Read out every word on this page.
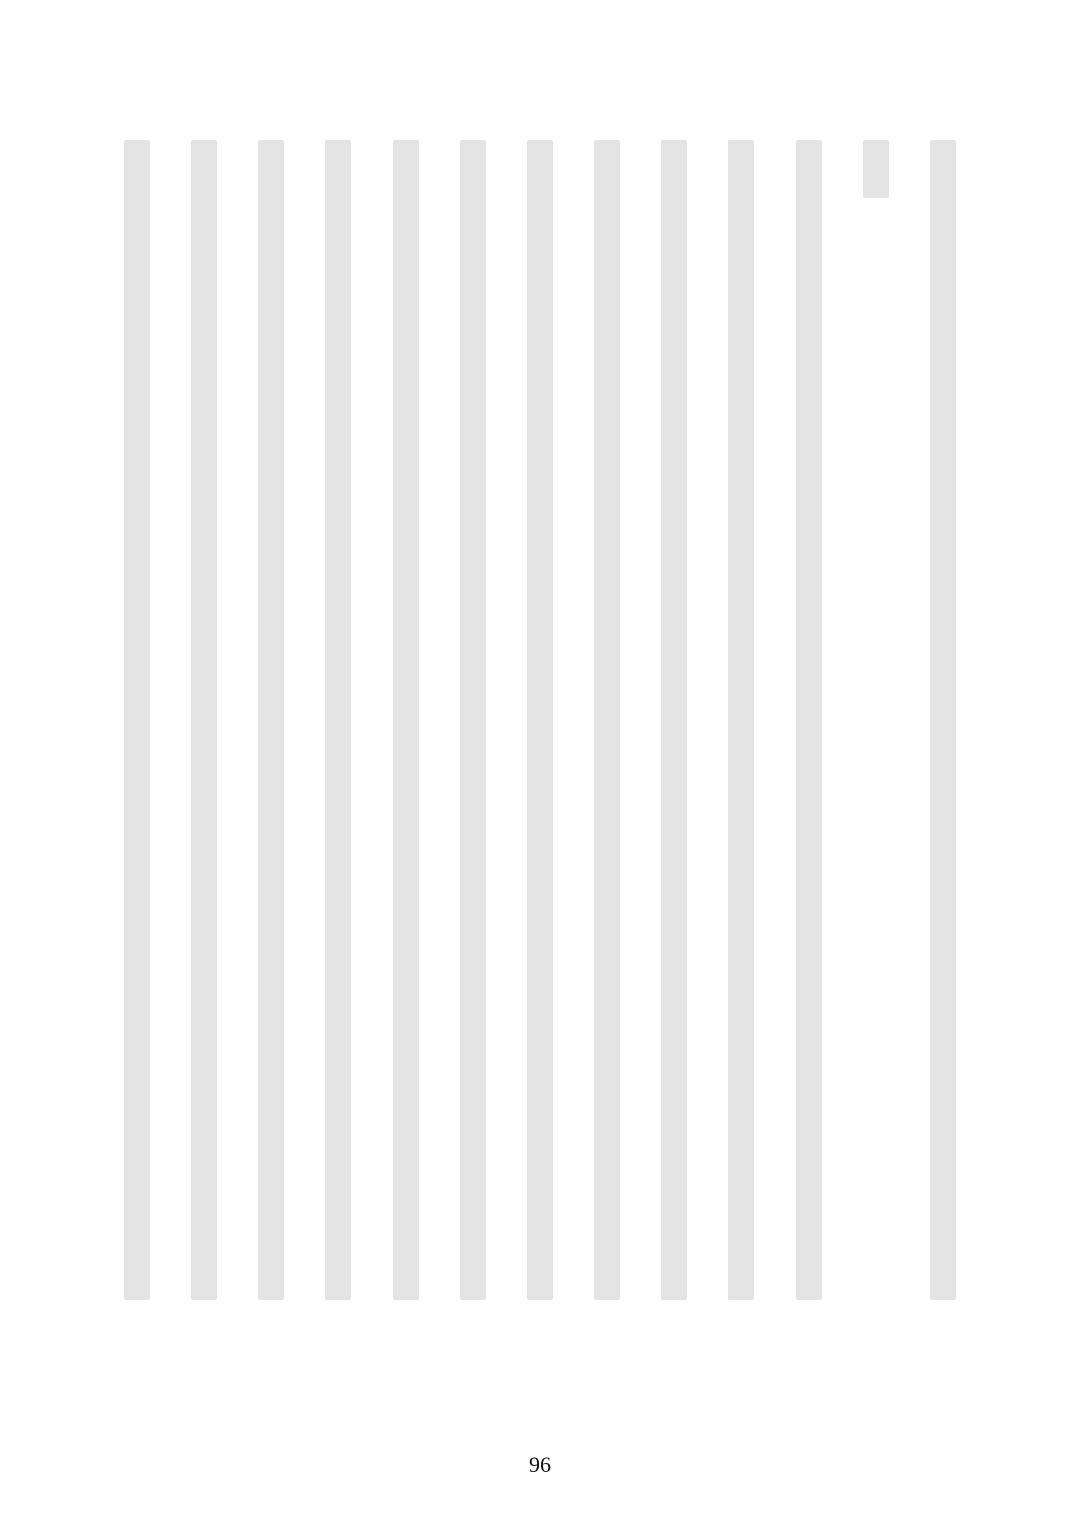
96
